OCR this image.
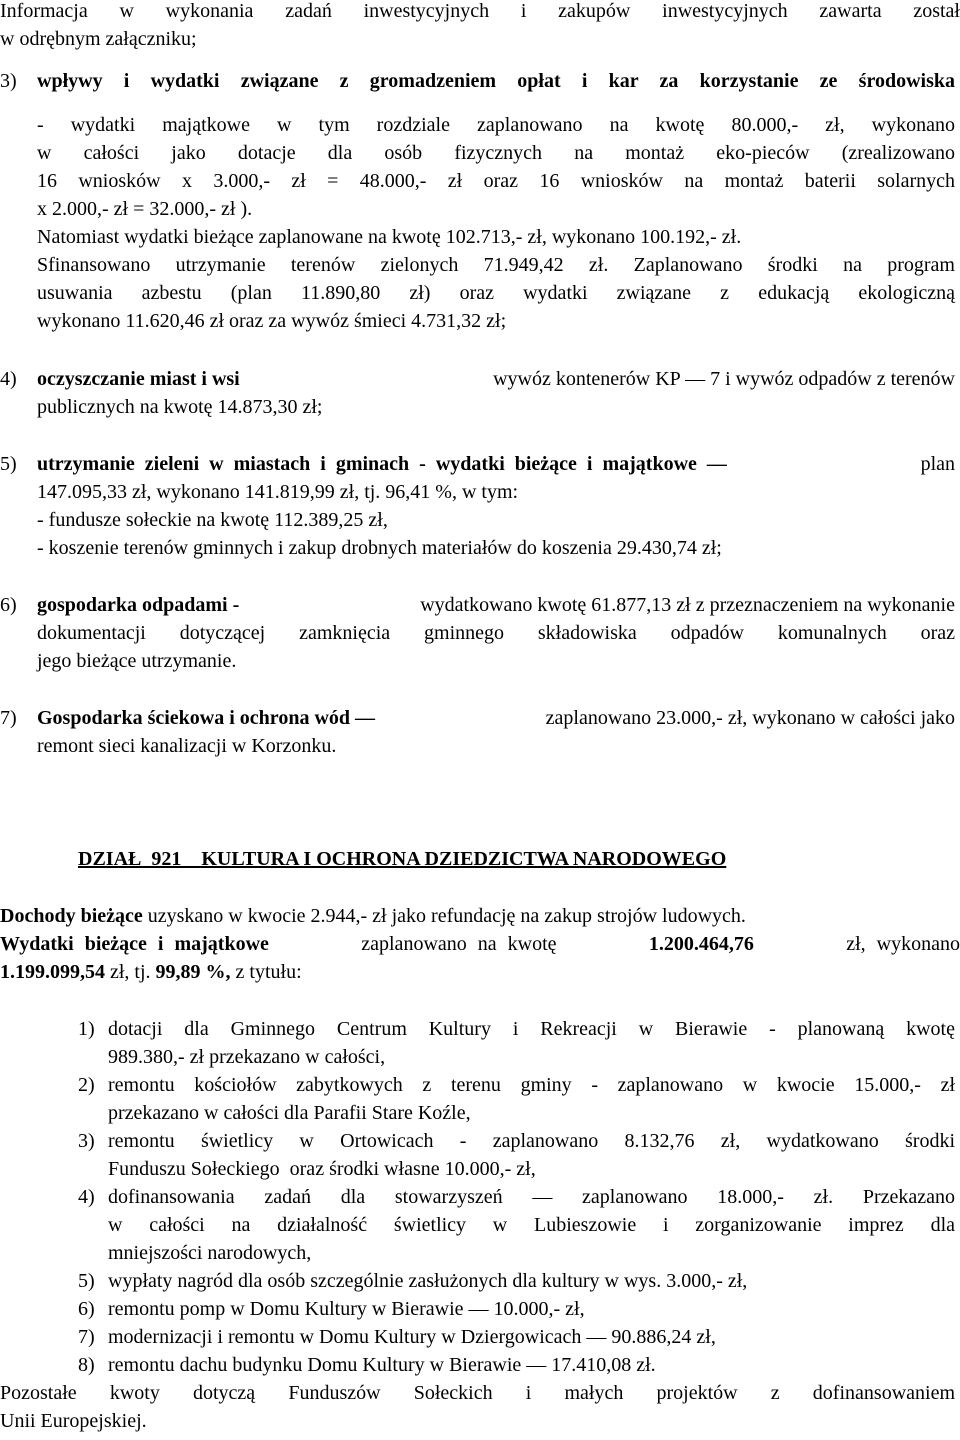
Informacja w wykonania zadań inwestycyjnych i zakupów inwestycyjnych zawarta został
w odrębnym załączniku;
3)	wpływy i wydatki związane z gromadzeniem opłat i kar za korzystanie ze środowiska
- wydatki majątkowe w tym rozdziale zaplanowano na kwotę 80.000,- zł, wykonano
w całości jako dotacje dla osób fizycznych na montaż eko-pieców (zrealizowano
16 wniosków x 3.000,- zł = 48.000,- zł oraz 16 wniosków na montaż baterii solarnych
x 2.000,- zł = 32.000,- zł ).
Natomiast wydatki bieżące zaplanowane na kwotę 102.713,- zł, wykonano 100.192,- zł.
Sfinansowano utrzymanie terenów zielonych 71.949,42 zł. Zaplanowano środki na program
usuwania azbestu (plan 11.890,80 zł) oraz wydatki związane z edukacją ekologiczną
wykonano 11.620,46 zł oraz za wywóz śmieci 4.731,32 zł;
4)	oczyszczanie miast i wsi	wywóz kontenerów KP — 7 i wywóz odpadów z terenów
publicznych na kwotę 14.873,30 zł;
5)	utrzymanie zieleni w miastach i gminach - wydatki bieżące i majątkowe —	plan
147.095,33 zł, wykonano 141.819,99 zł, tj. 96,41 %, w tym:
- fundusze sołeckie na kwotę 112.389,25 zł,
- koszenie terenów gminnych i zakup drobnych materiałów do koszenia 29.430,74 zł;
6)	gospodarka odpadami -	wydatkowano kwotę 61.877,13 zł z przeznaczeniem na wykonanie
dokumentacji dotyczącej zamknięcia gminnego składowiska odpadów komunalnych oraz
jego bieżące utrzymanie.
7)	Gospodarka ściekowa i ochrona wód —	zaplanowano 23.000,- zł, wykonano w całości jako
remont sieci kanalizacji w Korzonku.
DZIAŁ  921    KULTURA I OCHRONA DZIEDZICTWA NARODOWEGO
Dochody bieżące uzyskano w kwocie 2.944,- zł jako refundację na zakup strojów ludowych.
Wydatki bieżące i majątkowe	zaplanowano na kwotę	1.200.464,76	zł, wykonano
1.199.099,54 zł, tj. 99,89 %, z tytułu:
1) dotacji dla Gminnego Centrum Kultury i Rekreacji w Bierawie - planowaną kwotę
989.380,- zł przekazano w całości,
2) remontu kościołów zabytkowych z terenu gminy - zaplanowano w kwocie 15.000,- zł
przekazano w całości dla Parafii Stare Koźle,
3) remontu świetlicy w Ortowicach - zaplanowano 8.132,76 zł, wydatkowano środki
Funduszu Sołeckiego  oraz środki własne 10.000,- zł,
4) dofinansowania zadań dla stowarzyszeń — zaplanowano 18.000,- zł. Przekazano
w całości na działalność świetlicy w Lubieszowie i zorganizowanie imprez dla
mniejszości narodowych,
5) wypłaty nagród dla osób szczególnie zasłużonych dla kultury w wys. 3.000,- zł,
6) remontu pomp w Domu Kultury w Bierawie — 10.000,- zł,
7) modernizacji i remontu w Domu Kultury w Dziergowicach — 90.886,24 zł,
8) remontu dachu budynku Domu Kultury w Bierawie — 17.410,08 zł.
Pozostałe kwoty dotyczą Funduszów Sołeckich i małych projektów z dofinansowaniem
Unii Europejskiej.
